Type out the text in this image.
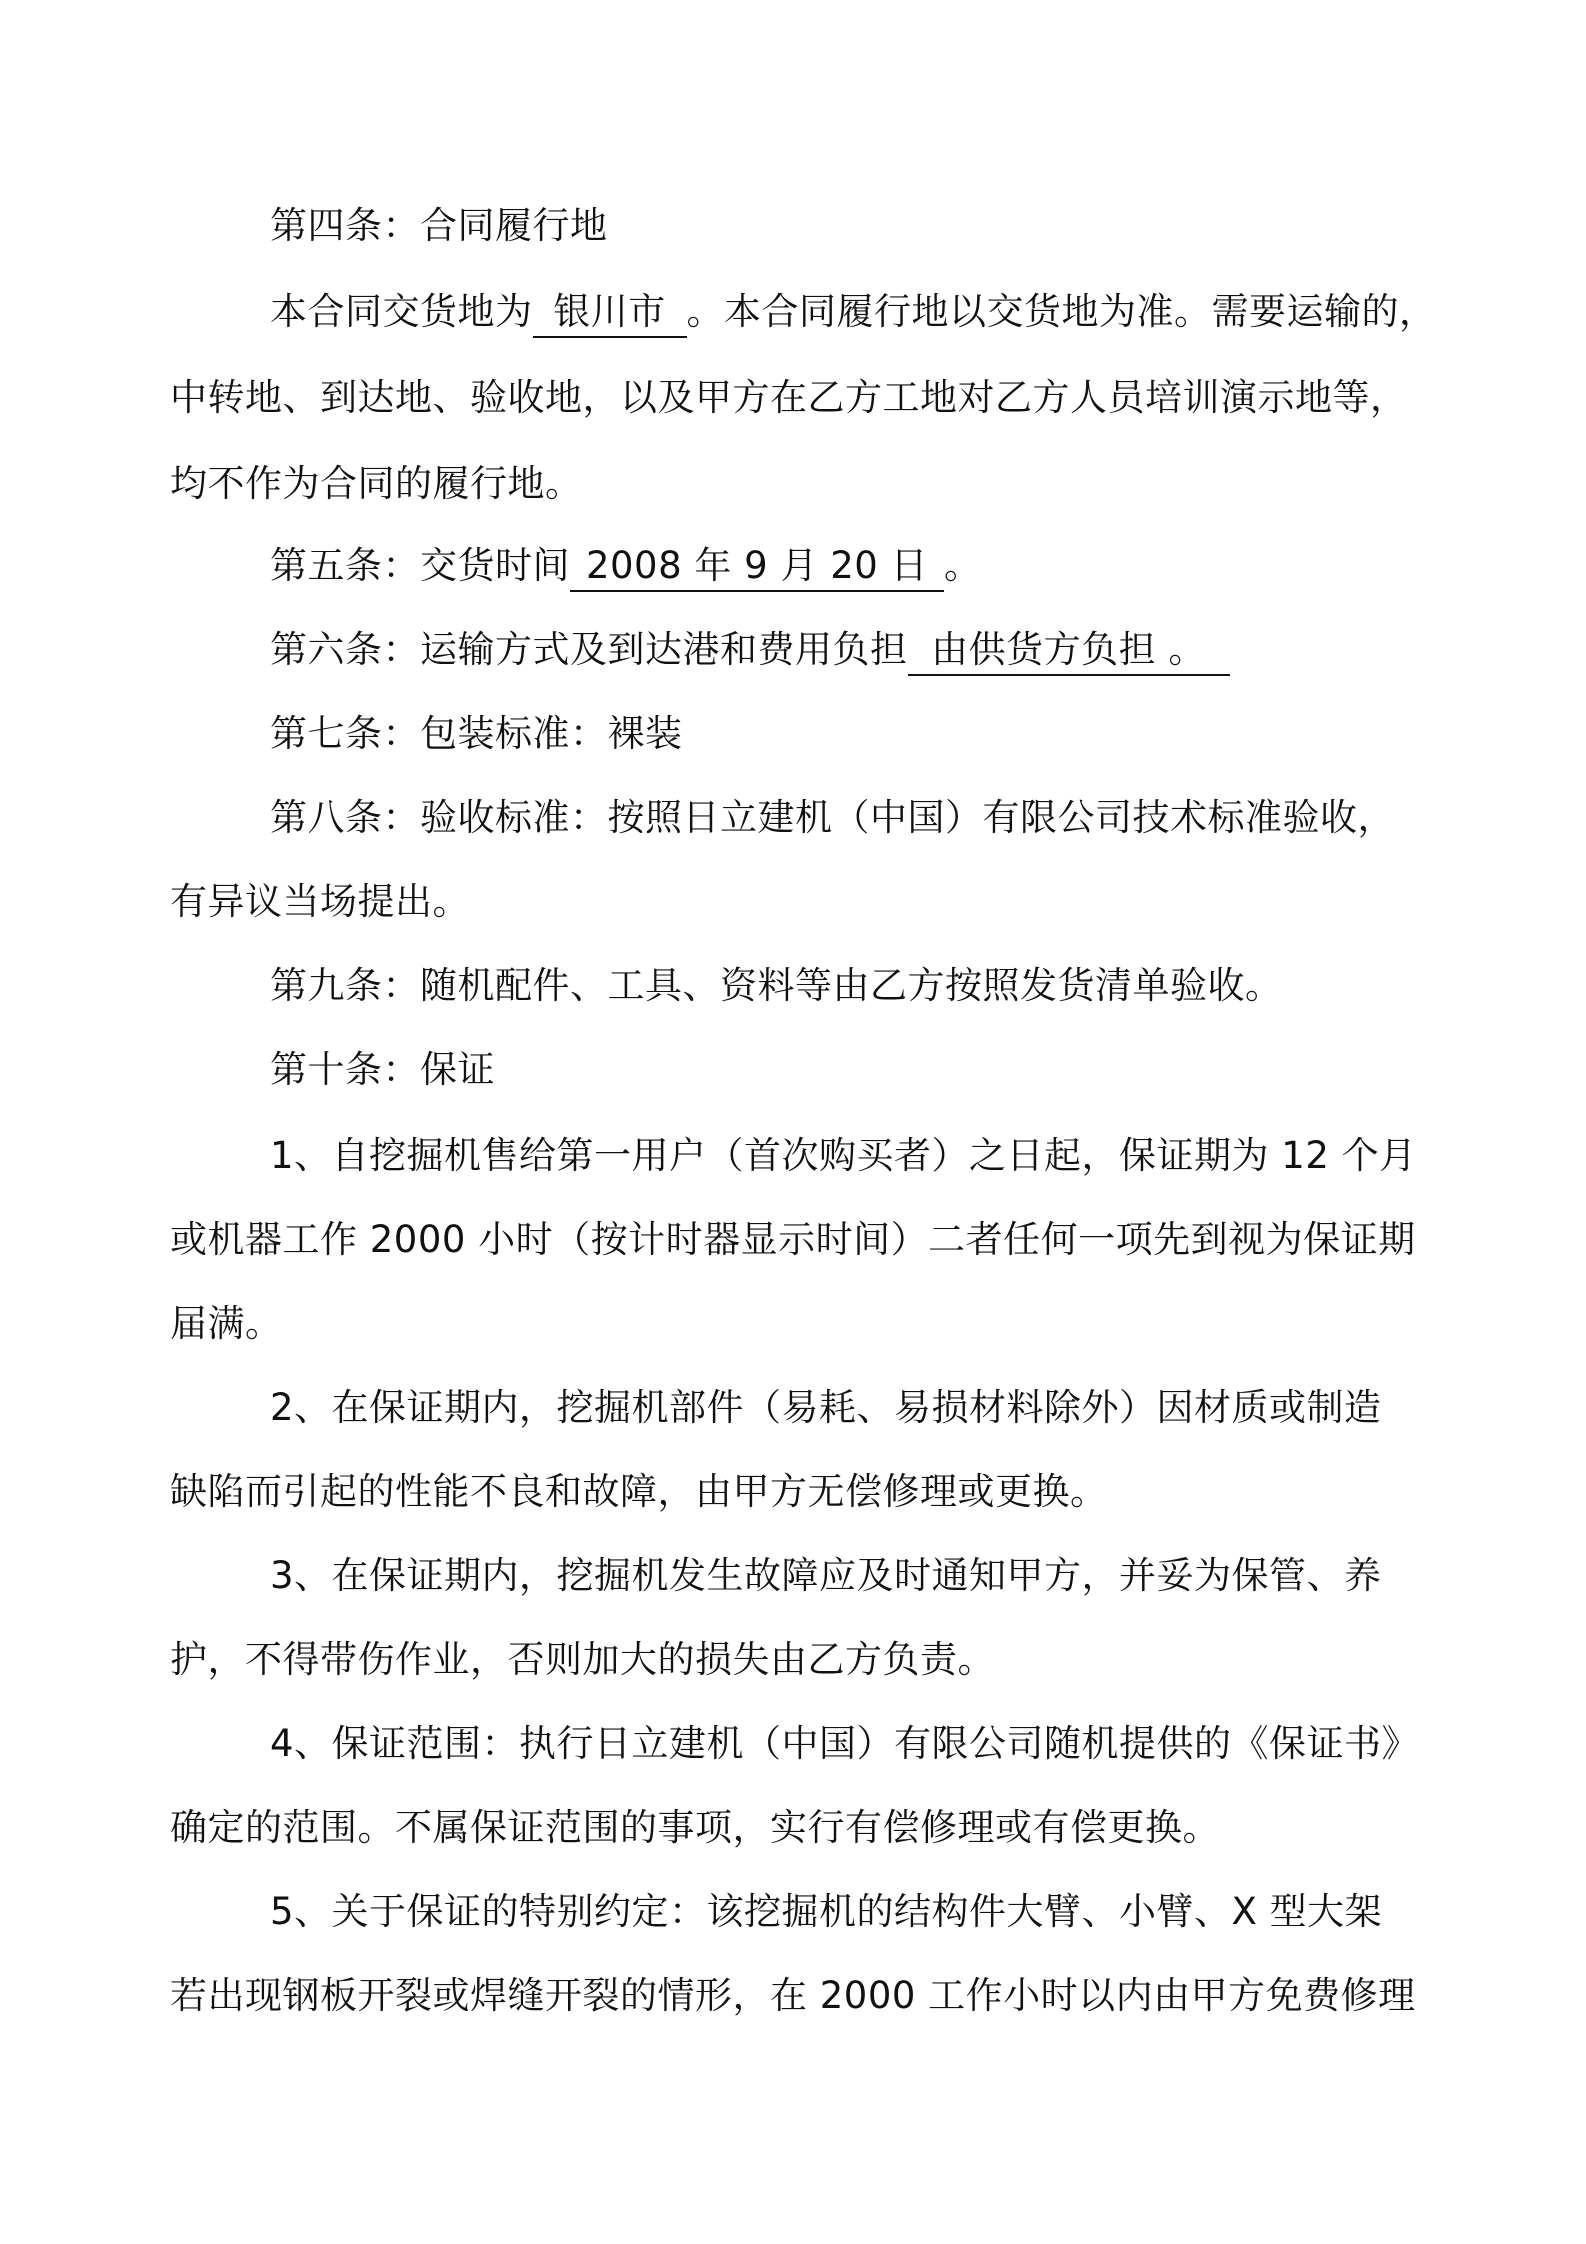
第四条：合同履行地
本合同交货地为 银川市 。本合同履行地以交货地为准。需要运输的，
中转地、到达地、验收地，以及甲方在乙方工地对乙方人员培训演示地等，
均不作为合同的履行地。
第五条：交货时间 2008 年 9 月 20 日 。
第六条：运输方式及到达港和费用负担 由供货方负担 。
第七条：包装标准：裸装
第八条：验收标准：按照日立建机（中国）有限公司技术标准验收，
有异议当场提出。
第九条：随机配件、工具、资料等由乙方按照发货清单验收。
第十条：保证
1、自挖掘机售给第一用户（首次购买者）之日起，保证期为 12 个月
或机器工作 2000 小时（按计时器显示时间）二者任何一项先到视为保证期
届满。
2、在保证期内，挖掘机部件（易耗、易损材料除外）因材质或制造
缺陷而引起的性能不良和故障，由甲方无偿修理或更换。
3、在保证期内，挖掘机发生故障应及时通知甲方，并妥为保管、养
护，不得带伤作业，否则加大的损失由乙方负责。
4、保证范围：执行日立建机（中国）有限公司随机提供的《保证书》
确定的范围。不属保证范围的事项，实行有偿修理或有偿更换。
5、关于保证的特别约定：该挖掘机的结构件大臂、小臂、X 型大架
若出现钢板开裂或焊缝开裂的情形，在 2000 工作小时以内由甲方免费修理
